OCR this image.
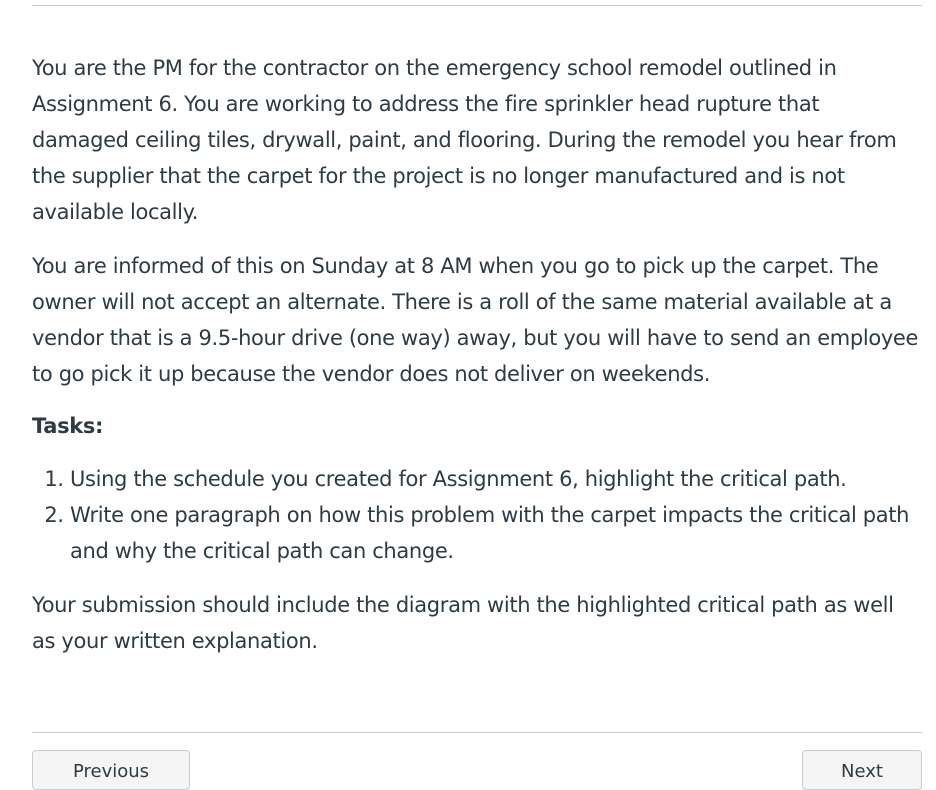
You are the PM for the contractor on the emergency school remodel outlined in Assignment 6. You are working to address the fire sprinkler head rupture that damaged ceiling tiles, drywall, paint, and flooring. During the remodel you hear from the supplier that the carpet for the project is no longer manufactured and is not available locally.

You are informed of this on Sunday at 8 AM when you go to pick up the carpet. The owner will not accept an alternate. There is a roll of the same material available at a vendor that is a 9.5-hour drive (one way) away, but you will have to send an employee to go pick it up because the vendor does not deliver on weekends.

Tasks:

1. Using the schedule you created for Assignment 6, highlight the critical path.
2. Write one paragraph on how this problem with the carpet impacts the critical path and why the critical path can change.

Your submission should include the diagram with the highlighted critical path as well as your written explanation.

Previous	Next
